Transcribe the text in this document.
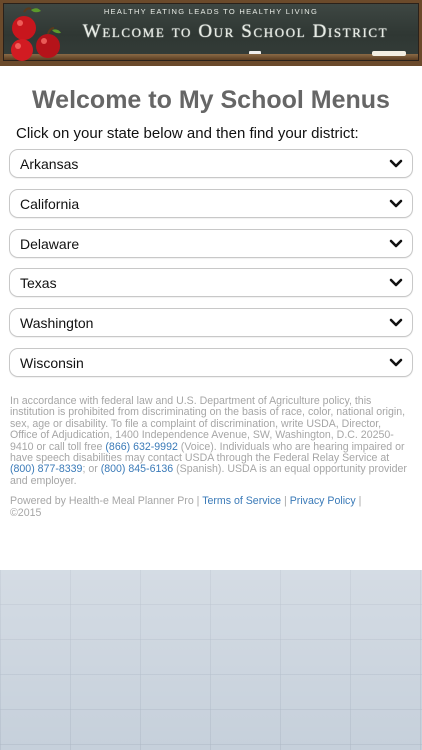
HEALTHY EATING LEADS TO HEALTHY LIVING
Welcome to Our School District
Welcome to My School Menus
Click on your state below and then find your district:
Arkansas
California
Delaware
Texas
Washington
Wisconsin
In accordance with federal law and U.S. Department of Agriculture policy, this institution is prohibited from discriminating on the basis of race, color, national origin, sex, age or disability. To file a complaint of discrimination, write USDA, Director, Office of Adjudication, 1400 Independence Avenue, SW, Washington, D.C. 20250-9410 or call toll free (866) 632-9992 (Voice). Individuals who are hearing impaired or have speech disabilities may contact USDA through the Federal Relay Service at (800) 877-8339; or (800) 845-6136 (Spanish). USDA is an equal opportunity provider and employer.
Powered by Health-e Meal Planner Pro | Terms of Service | Privacy Policy |
©2015
